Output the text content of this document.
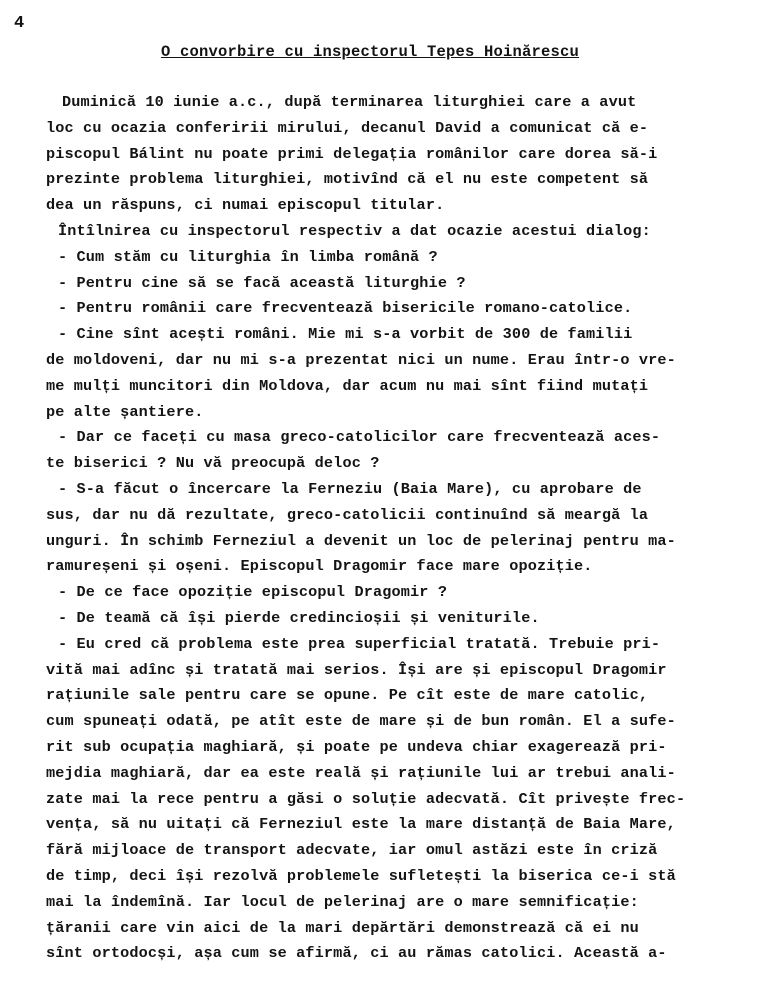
4
O convorbire cu inspectorul Tepes Hoinărescu
Duminică 10 iunie a.c., după terminarea liturghiei care a avut
loc cu ocazia conferirii mirului, decanul David a comunicat că e-
piscopul Bálint nu poate primi delegația românilor care dorea să-i
prezinte problema liturghiei, motivînd că el nu este competent să
dea un răspuns, ci numai episcopul titular.
Întîlnirea cu inspectorul respectiv a dat ocazie acestui dialog:
- Cum stăm cu liturghia în limba română ?
- Pentru cine să se facă această liturghie ?
- Pentru românii care frecventează bisericile romano-catolice.
- Cine sînt acești români. Mie mi s-a vorbit de 300 de familii
de moldoveni, dar nu mi s-a prezentat nici un nume. Erau într-o vre-
me mulți muncitori din Moldova, dar acum nu mai sînt fiind mutați
pe alte șantiere.
- Dar ce faceți cu masa greco-catolicilor care frecventează aces-
te biserici ? Nu vă preocupă deloc ?
- S-a făcut o încercare la Ferneziu (Baia Mare), cu aprobare de
sus, dar nu dă rezultate, greco-catolicii continuînd să meargă la
unguri. În schimb Ferneziul a devenit un loc de pelerinaj pentru ma-
ramureșeni și oșeni. Episcopul Dragomir face mare opoziție.
- De ce face opoziție episcopul Dragomir ?
- De teamă că își pierde credincioșii și veniturile.
- Eu cred că problema este prea superficial tratată. Trebuie pri-
vită mai adînc și tratată mai serios. Își are și episcopul Dragomir
rațiunile sale pentru care se opune. Pe cît este de mare catolic,
cum spuneați odată, pe atît este de mare și de bun român. El a sufe-
rit sub ocupația maghiară, și poate pe undeva chiar exagerează pri-
mejdia maghiară, dar ea este reală și rațiunile lui ar trebui anali-
zate mai la rece pentru a găsi o soluție adecvată. Cît privește frec-
vența, să nu uitați că Ferneziul este la mare distanță de Baia Mare,
fără mijloace de transport adecvate, iar omul astăzi este în criză
de timp, deci își rezolvă problemele sufletești la biserica ce-i stă
mai la îndemînă. Iar locul de pelerinaj are o mare semnificație:
țăranii care vin aici de la mari depărtări demonstrează că ei nu
sînt ortodocși, așa cum se afirmă, ci au rămas catolici. Această a-
